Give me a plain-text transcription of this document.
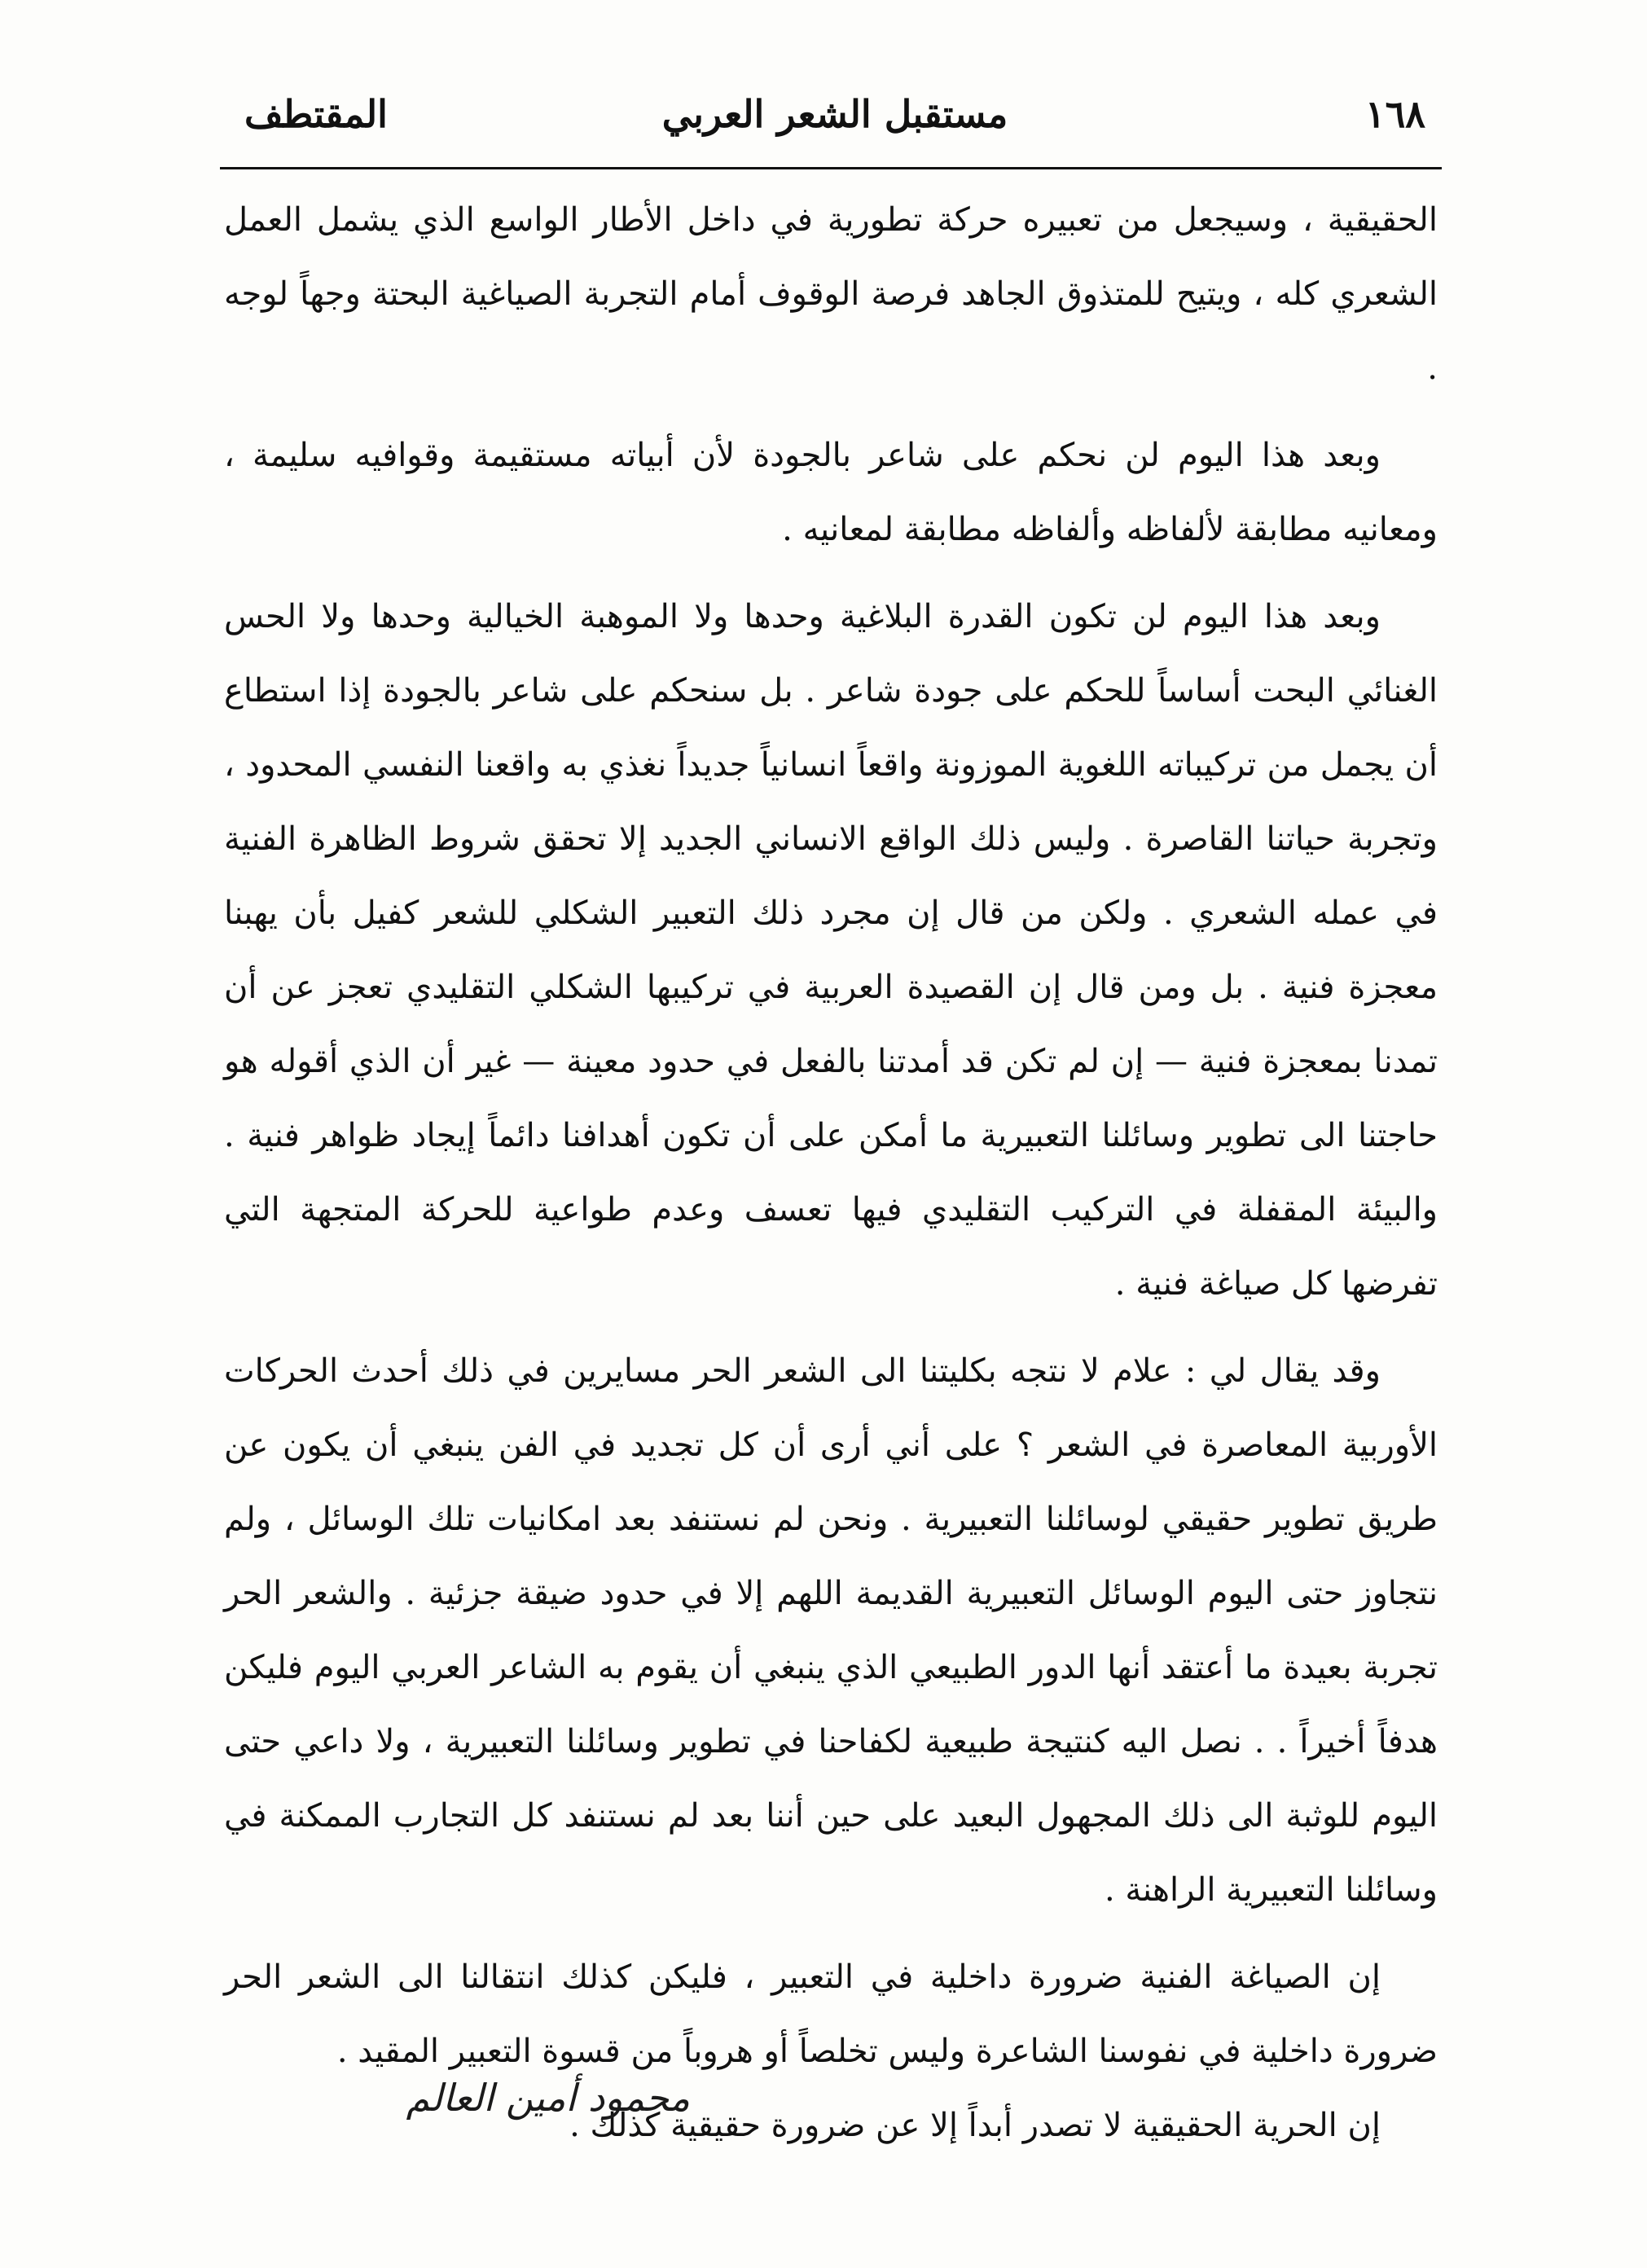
١٦٨
مستقبل الشعر العربي
المقتطف

الحقيقية ، وسيجعل من تعبيره حركة تطورية في داخل الأطار الواسع الذي يشمل العمل الشعري كله ، ويتيح للمتذوق الجاهد فرصة الوقوف أمام التجربة الصياغية البحتة وجهاً لوجه .

وبعد هذا اليوم لن نحكم على شاعر بالجودة لأن أبياته مستقيمة وقوافيه سليمة ، ومعانيه مطابقة لألفاظه وألفاظه مطابقة لمعانيه .

وبعد هذا اليوم لن تكون القدرة البلاغية وحدها ولا الموهبة الخيالية وحدها ولا الحس الغنائي البحت أساساً للحكم على جودة شاعر . بل سنحكم على شاعر بالجودة إذا استطاع أن يجمل من تركيباته اللغوية الموزونة واقعاً انسانياً جديداً نغذي به واقعنا النفسي المحدود ، وتجربة حياتنا القاصرة . وليس ذلك الواقع الانساني الجديد إلا تحقق شروط الظاهرة الفنية في عمله الشعري . ولكن من قال إن مجرد ذلك التعبير الشكلي للشعر كفيل بأن يهبنا معجزة فنية . بل ومن قال إن القصيدة العربية في تركيبها الشكلي التقليدي تعجز عن أن تمدنا بمعجزة فنية — إن لم تكن قد أمدتنا بالفعل في حدود معينة — غير أن الذي أقوله هو حاجتنا الى تطوير وسائلنا التعبيرية ما أمكن على أن تكون أهدافنا دائماً إيجاد ظواهر فنية . والبيئة المقفلة في التركيب التقليدي فيها تعسف وعدم طواعية للحركة المتجهة التي تفرضها كل صياغة فنية .

وقد يقال لي : علام لا نتجه بكليتنا الى الشعر الحر مسايرين في ذلك أحدث الحركات الأوربية المعاصرة في الشعر ؟ على أني أرى أن كل تجديد في الفن ينبغي أن يكون عن طريق تطوير حقيقي لوسائلنا التعبيرية . ونحن لم نستنفد بعد امكانيات تلك الوسائل ، ولم نتجاوز حتى اليوم الوسائل التعبيرية القديمة اللهم إلا في حدود ضيقة جزئية . والشعر الحر تجربة بعيدة ما أعتقد أنها الدور الطبيعي الذي ينبغي أن يقوم به الشاعر العربي اليوم فليكن هدفاً أخيراً . . نصل اليه كنتيجة طبيعية لكفاحنا في تطوير وسائلنا التعبيرية ، ولا داعي حتى اليوم للوثبة الى ذلك المجهول البعيد على حين أننا بعد لم نستنفد كل التجارب الممكنة في وسائلنا التعبيرية الراهنة .

إن الصياغة الفنية ضرورة داخلية في التعبير ، فليكن كذلك انتقالنا الى الشعر الحر ضرورة داخلية في نفوسنا الشاعرة وليس تخلصاً أو هروباً من قسوة التعبير المقيد .

إن الحرية الحقيقية لا تصدر أبداً إلا عن ضرورة حقيقية كذلك .

محمود أمين العالم
